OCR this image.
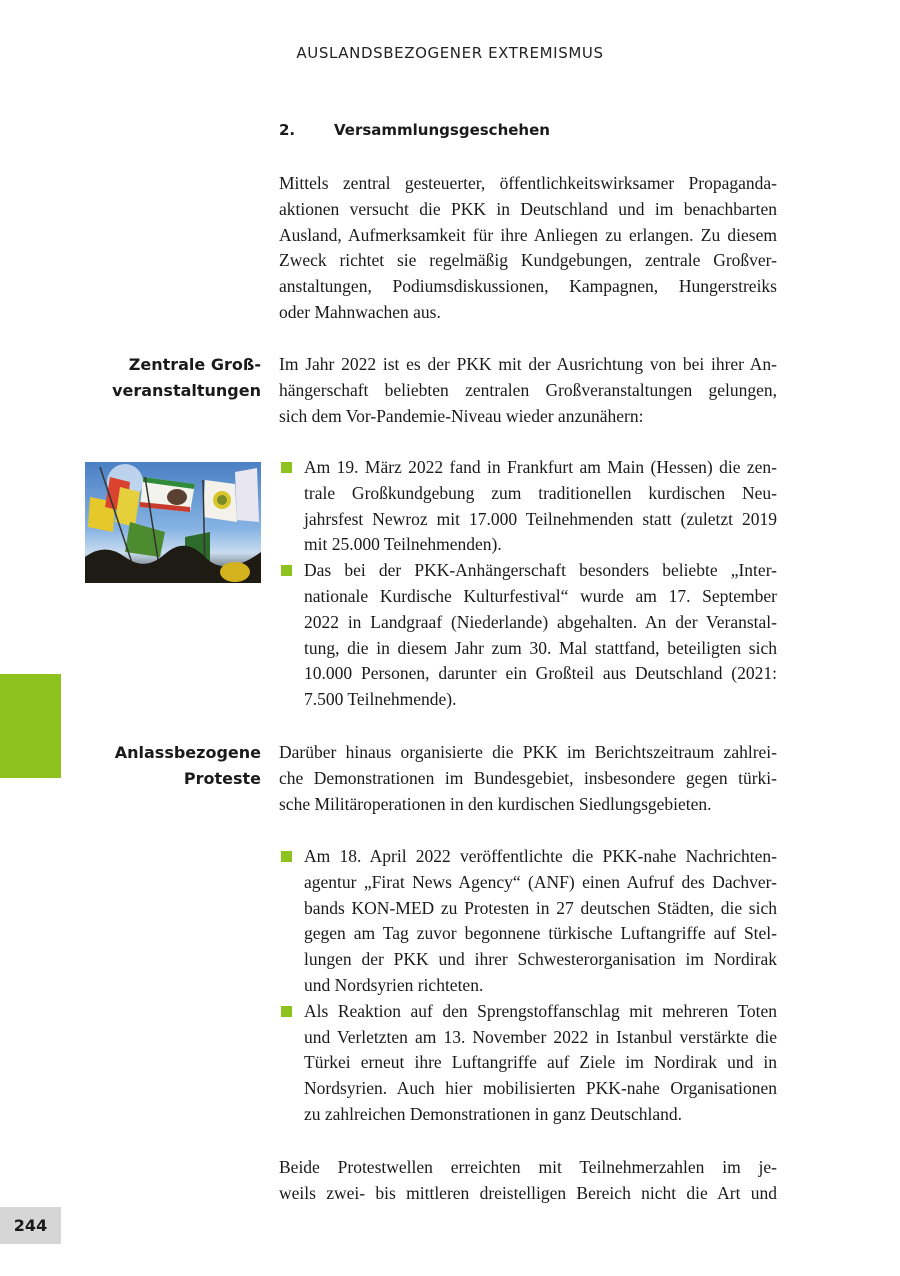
AUSLANDSBEZOGENER EXTREMISMUS
2.	Versammlungsgeschehen
Mittels zentral gesteuerter, öffentlichkeitswirksamer Propaganda-
aktionen versucht die PKK in Deutschland und im benachbarten
Ausland, Aufmerksamkeit für ihre Anliegen zu erlangen. Zu diesem
Zweck richtet sie regelmäßig Kundgebungen, zentrale Großver-
anstaltungen, Podiumsdiskussionen, Kampagnen, Hungerstreiks
oder Mahnwachen aus.
Zentrale Groß-
veranstaltungen
Im Jahr 2022 ist es der PKK mit der Ausrichtung von bei ihrer An-
hängerschaft beliebten zentralen Großveranstaltungen gelungen,
sich dem Vor-Pandemie-Niveau wieder anzunähern:
Am 19. März 2022 fand in Frankfurt am Main (Hessen) die zen-
trale Großkundgebung zum traditionellen kurdischen Neu-
jahrsfest Newroz mit 17.000 Teilnehmenden statt (zuletzt 2019
mit 25.000 Teilnehmenden).
Das bei der PKK-Anhängerschaft besonders beliebte „Inter-
nationale Kurdische Kulturfestival“ wurde am 17. September
2022 in Landgraaf (Niederlande) abgehalten. An der Veranstal-
tung, die in diesem Jahr zum 30. Mal stattfand, beteiligten sich
10.000 Personen, darunter ein Großteil aus Deutschland (2021:
7.500 Teilnehmende).
Anlassbezogene
Proteste
Darüber hinaus organisierte die PKK im Berichtszeitraum zahlrei-
che Demonstrationen im Bundesgebiet, insbesondere gegen türki-
sche Militäroperationen in den kurdischen Siedlungsgebieten.
Am 18. April 2022 veröffentlichte die PKK-nahe Nachrichten-
agentur „Firat News Agency“ (ANF) einen Aufruf des Dachver-
bands KON-MED zu Protesten in 27 deutschen Städten, die sich
gegen am Tag zuvor begonnene türkische Luftangriffe auf Stel-
lungen der PKK und ihrer Schwesterorganisation im Nordirak
und Nordsyrien richteten.
Als Reaktion auf den Sprengstoffanschlag mit mehreren Toten
und Verletzten am 13. November 2022 in Istanbul verstärkte die
Türkei erneut ihre Luftangriffe auf Ziele im Nordirak und in
Nordsyrien. Auch hier mobilisierten PKK-nahe Organisationen
zu zahlreichen Demonstrationen in ganz Deutschland.
Beide Protestwellen erreichten mit Teilnehmerzahlen im je-
weils zwei- bis mittleren dreistelligen Bereich nicht die Art und
244
